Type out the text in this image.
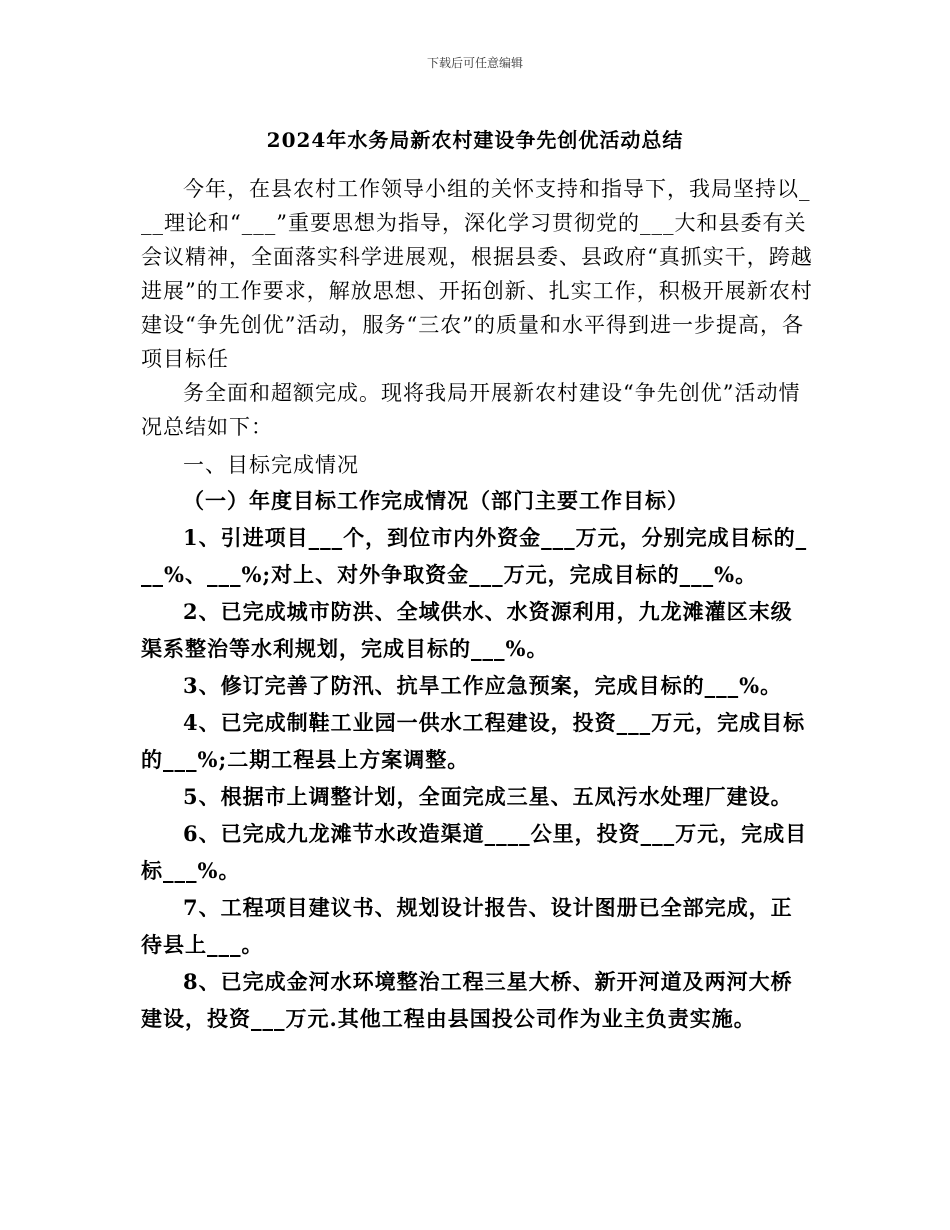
下载后可任意编辑
2024年水务局新农村建设争先创优活动总结

今年，在县农村工作领导小组的关怀支持和指导下，我局坚持以___理论和“___”重要思想为指导，深化学习贯彻党的___大和县委有关会议精神，全面落实科学进展观，根据县委、县政府“真抓实干，跨越进展”的工作要求，解放思想、开拓创新、扎实工作，积极开展新农村建设“争先创优”活动，服务“三农”的质量和水平得到进一步提高，各项目标任

务全面和超额完成。现将我局开展新农村建设“争先创优”活动情况总结如下：

一、目标完成情况

（一）年度目标工作完成情况（部门主要工作目标）

1、引进项目___个，到位市内外资金___万元，分别完成目标的___%、___%;对上、对外争取资金___万元，完成目标的___%。

2、已完成城市防洪、全域供水、水资源利用，九龙滩灌区末级渠系整治等水利规划，完成目标的___%。

3、修订完善了防汛、抗旱工作应急预案，完成目标的___%。

4、已完成制鞋工业园一供水工程建设，投资___万元，完成目标的___%;二期工程县上方案调整。

5、根据市上调整计划，全面完成三星、五凤污水处理厂建设。

6、已完成九龙滩节水改造渠道____公里，投资___万元，完成目标___%。

7、工程项目建议书、规划设计报告、设计图册已全部完成，正待县上___。

8、已完成金河水环境整治工程三星大桥、新开河道及两河大桥建设，投资___万元.其他工程由县国投公司作为业主负责实施。
